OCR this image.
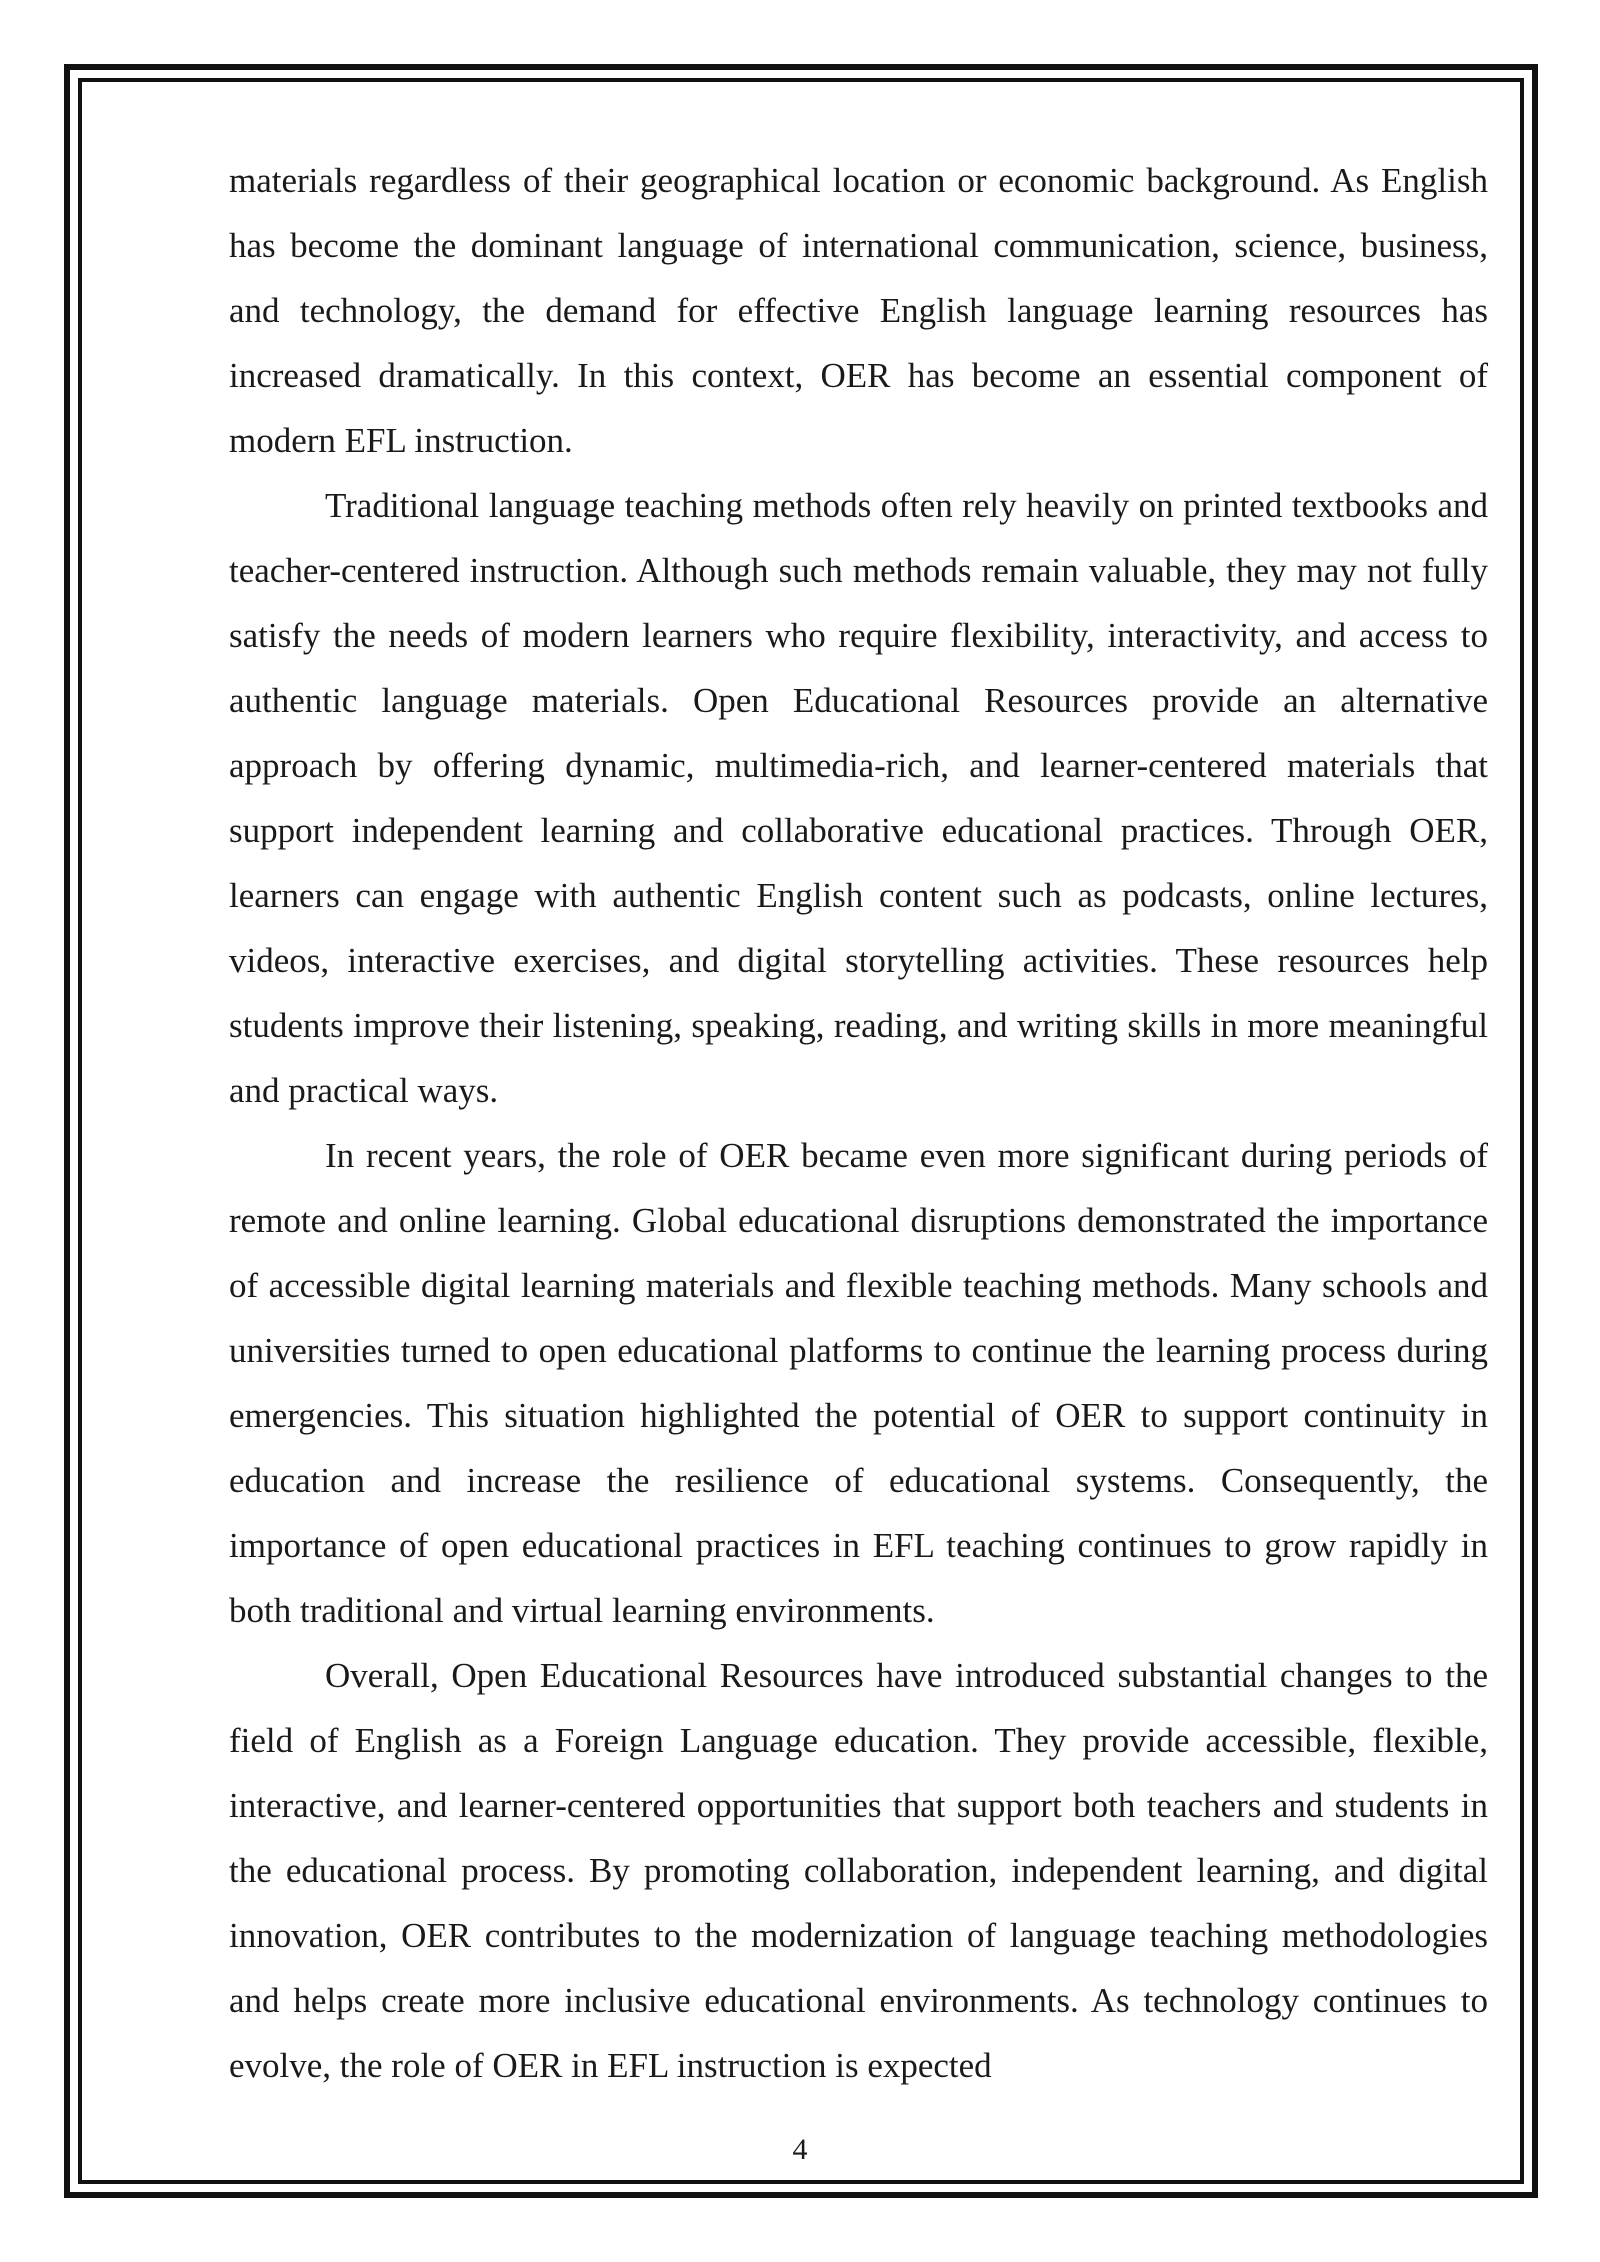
materials regardless of their geographical location or economic background. As English has become the dominant language of international communication, science, business, and technology, the demand for effective English language learning resources has increased dramatically. In this context, OER has become an essential component of modern EFL instruction.

Traditional language teaching methods often rely heavily on printed textbooks and teacher-centered instruction. Although such methods remain valuable, they may not fully satisfy the needs of modern learners who require flexibility, interactivity, and access to authentic language materials. Open Educational Resources provide an alternative approach by offering dynamic, multimedia-rich, and learner-centered materials that support independent learning and collaborative educational practices. Through OER, learners can engage with authentic English content such as podcasts, online lectures, videos, interactive exercises, and digital storytelling activities. These resources help students improve their listening, speaking, reading, and writing skills in more meaningful and practical ways.

In recent years, the role of OER became even more significant during periods of remote and online learning. Global educational disruptions demonstrated the importance of accessible digital learning materials and flexible teaching methods. Many schools and universities turned to open educational platforms to continue the learning process during emergencies. This situation highlighted the potential of OER to support continuity in education and increase the resilience of educational systems. Consequently, the importance of open educational practices in EFL teaching continues to grow rapidly in both traditional and virtual learning environments.

Overall, Open Educational Resources have introduced substantial changes to the field of English as a Foreign Language education. They provide accessible, flexible, interactive, and learner-centered opportunities that support both teachers and students in the educational process. By promoting collaboration, independent learning, and digital innovation, OER contributes to the modernization of language teaching methodologies and helps create more inclusive educational environments. As technology continues to evolve, the role of OER in EFL instruction is expected

4
